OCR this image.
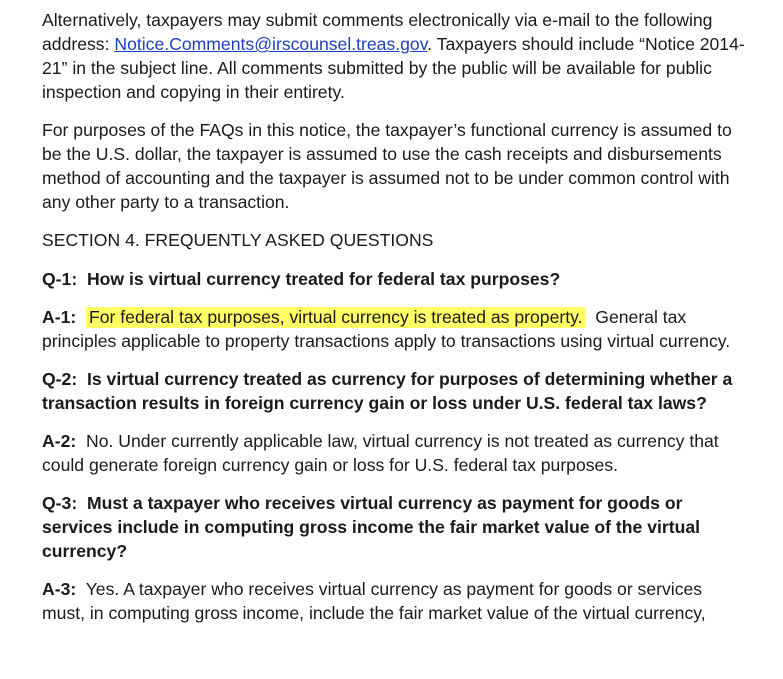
Alternatively, taxpayers may submit comments electronically via e-mail to the following address: Notice.Comments@irscounsel.treas.gov. Taxpayers should include “Notice 2014-21” in the subject line. All comments submitted by the public will be available for public inspection and copying in their entirety.

For purposes of the FAQs in this notice, the taxpayer’s functional currency is assumed to be the U.S. dollar, the taxpayer is assumed to use the cash receipts and disbursements method of accounting and the taxpayer is assumed not to be under common control with any other party to a transaction.

SECTION 4. FREQUENTLY ASKED QUESTIONS

Q-1: How is virtual currency treated for federal tax purposes?

A-1: For federal tax purposes, virtual currency is treated as property. General tax principles applicable to property transactions apply to transactions using virtual currency.

Q-2: Is virtual currency treated as currency for purposes of determining whether a transaction results in foreign currency gain or loss under U.S. federal tax laws?

A-2: No. Under currently applicable law, virtual currency is not treated as currency that could generate foreign currency gain or loss for U.S. federal tax purposes.

Q-3: Must a taxpayer who receives virtual currency as payment for goods or services include in computing gross income the fair market value of the virtual currency?

A-3: Yes. A taxpayer who receives virtual currency as payment for goods or services must, in computing gross income, include the fair market value of the virtual currency,
